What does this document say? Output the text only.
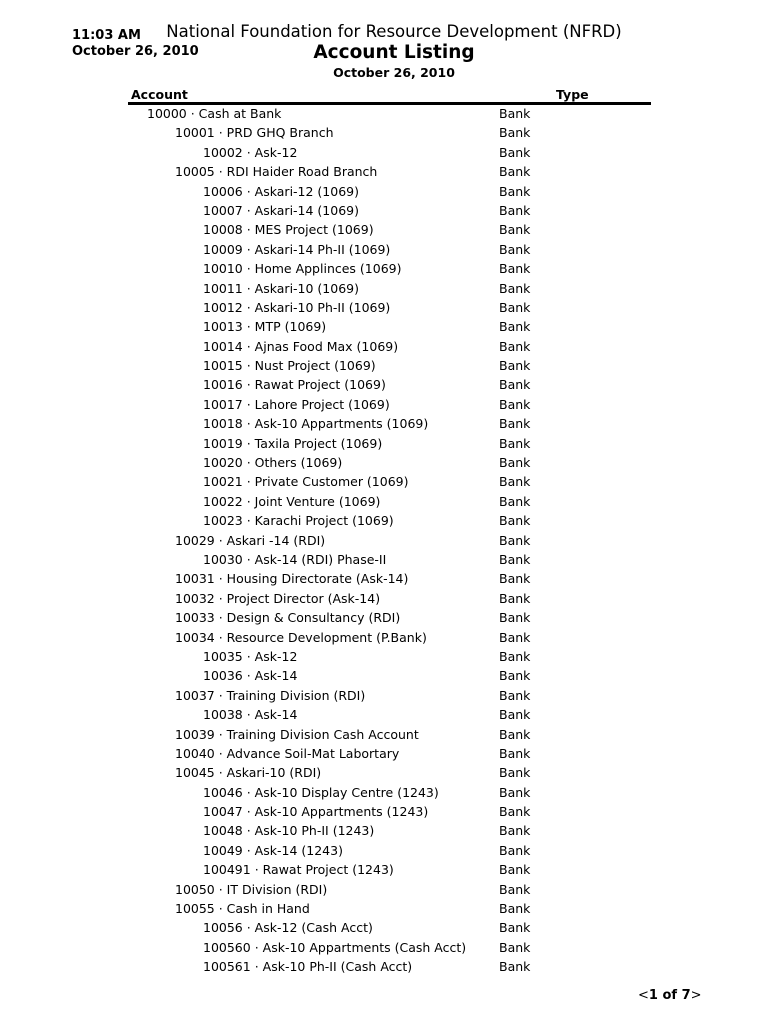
11:03 AM
October 26, 2010
National Foundation for Resource Development (NFRD)
Account Listing
October 26, 2010
Account	Type
10000 · Cash at Bank	Bank
10001 · PRD GHQ Branch	Bank
10002 · Ask-12	Bank
10005 · RDI Haider Road Branch	Bank
10006 · Askari-12 (1069)	Bank
10007 · Askari-14 (1069)	Bank
10008 · MES Project (1069)	Bank
10009 · Askari-14 Ph-II (1069)	Bank
10010 · Home Applinces (1069)	Bank
10011 · Askari-10 (1069)	Bank
10012 · Askari-10 Ph-II (1069)	Bank
10013 · MTP (1069)	Bank
10014 · Ajnas Food Max (1069)	Bank
10015 · Nust Project (1069)	Bank
10016 · Rawat Project (1069)	Bank
10017 · Lahore Project (1069)	Bank
10018 · Ask-10 Appartments (1069)	Bank
10019 · Taxila Project (1069)	Bank
10020 · Others (1069)	Bank
10021 · Private Customer (1069)	Bank
10022 · Joint Venture (1069)	Bank
10023 · Karachi Project (1069)	Bank
10029 · Askari -14 (RDI)	Bank
10030 · Ask-14 (RDI) Phase-II	Bank
10031 · Housing Directorate (Ask-14)	Bank
10032 · Project Director (Ask-14)	Bank
10033 · Design & Consultancy (RDI)	Bank
10034 · Resource Development (P.Bank)	Bank
10035 · Ask-12	Bank
10036 · Ask-14	Bank
10037 · Training Division (RDI)	Bank
10038 · Ask-14	Bank
10039 · Training Division Cash Account	Bank
10040 · Advance Soil-Mat Labortary	Bank
10045 · Askari-10 (RDI)	Bank
10046 · Ask-10 Display Centre (1243)	Bank
10047 · Ask-10 Appartments (1243)	Bank
10048 · Ask-10 Ph-II (1243)	Bank
10049 · Ask-14 (1243)	Bank
100491 · Rawat Project (1243)	Bank
10050 · IT Division (RDI)	Bank
10055 · Cash in Hand	Bank
10056 · Ask-12 (Cash Acct)	Bank
100560 · Ask-10 Appartments (Cash Acct)	Bank
100561 · Ask-10 Ph-II (Cash Acct)	Bank
<1 of 7>
